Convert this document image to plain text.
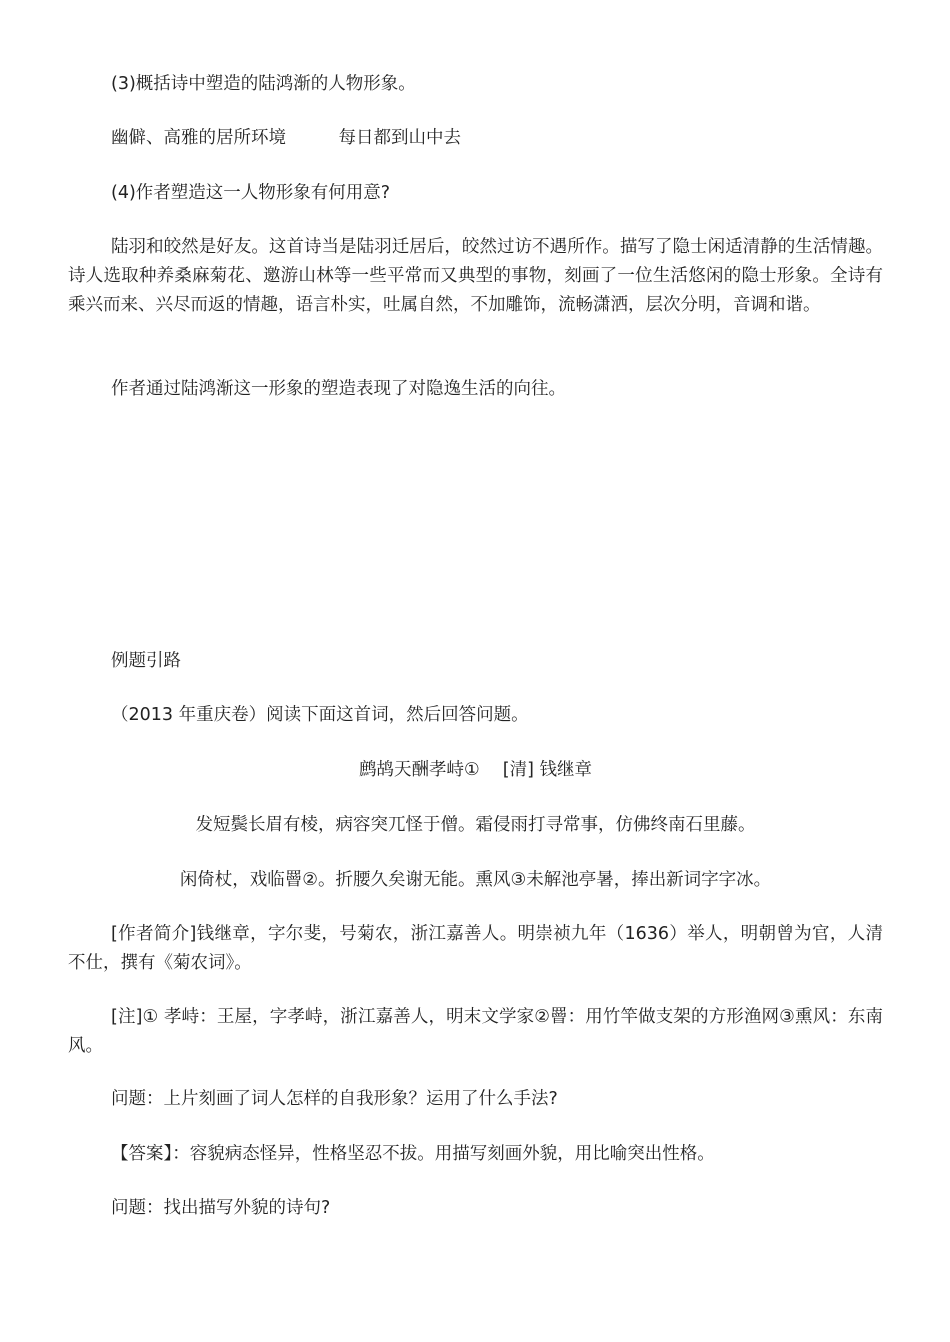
(3)概括诗中塑造的陆鸿渐的人物形象。
幽僻、高雅的居所环境　　　每日都到山中去
(4)作者塑造这一人物形象有何用意?
陆羽和皎然是好友。这首诗当是陆羽迁居后，皎然过访不遇所作。描写了隐士闲适清静的生活情趣。诗人选取种养桑麻菊花、邀游山林等一些平常而又典型的事物，刻画了一位生活悠闲的隐士形象。全诗有乘兴而来、兴尽而返的情趣，语言朴实，吐属自然，不加雕饰，流畅潇洒，层次分明，音调和谐。
作者通过陆鸿渐这一形象的塑造表现了对隐逸生活的向往。
例题引路
（2013 年重庆卷）阅读下面这首词，然后回答问题。
鹧鸪天酬孝峙①　 [清] 钱继章
发短鬓长眉有棱，病容突兀怪于僧。霜侵雨打寻常事，仿佛终南石里藤。
闲倚杖，戏临罾②。折腰久矣谢无能。熏风③未解池亭暑，捧出新词字字冰。
[作者简介]钱继章，字尔斐，号菊农，浙江嘉善人。明崇祯九年（1636）举人，明朝曾为官，人清不仕，撰有《菊农词》。
[注]① 孝峙：王屋，字孝峙，浙江嘉善人，明末文学家②罾：用竹竿做支架的方形渔网③熏风：东南风。
问题：上片刻画了词人怎样的自我形象？运用了什么手法?
【答案】：容貌病态怪异，性格坚忍不拔。用描写刻画外貌，用比喻突出性格。
问题：找出描写外貌的诗句?
